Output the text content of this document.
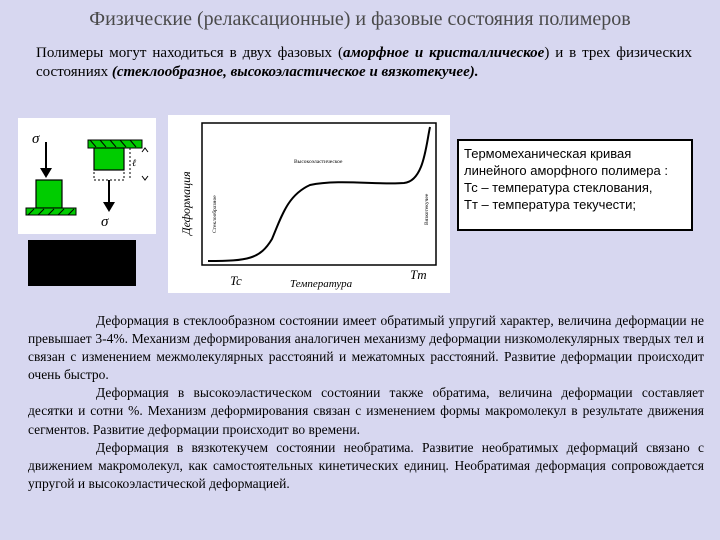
Физические (релаксационные) и фазовые состояния полимеров
Полимеры могут находиться в двух фазовых (аморфное и кристаллическое) и в трех физических состояниях (стеклообразное, высокоэластическое и вязкотекучее).
σ
ℓ
σ	Деформация	Стеклообразное
Высокоэластическое
Вязкотекучее
Tc	Температура
Tт
Термомеханическая кривая
линейного аморфного полимера :
Тс – температура стеклования,
Тт – температура текучести;

Деформация в стеклообразном состоянии имеет обратимый упругий характер, величина деформации не превышает 3-4%. Механизм деформирования аналогичен механизму деформации низкомолекулярных твердых тел и связан с изменением межмолекулярных расстояний и межатомных расстояний. Развитие деформации происходит очень быстро.

Деформация в высокоэластическом состоянии также обратима, величина деформации составляет десятки и сотни %. Механизм деформирования связан с изменением формы макромолекул в результате движения сегментов. Развитие деформации происходит во времени.

Деформация в вязкотекучем состоянии необратима. Развитие необратимых деформаций связано с движением макромолекул, как самостоятельных кинетических единиц. Необратимая деформация сопровождается упругой и высокоэластической деформацией.
